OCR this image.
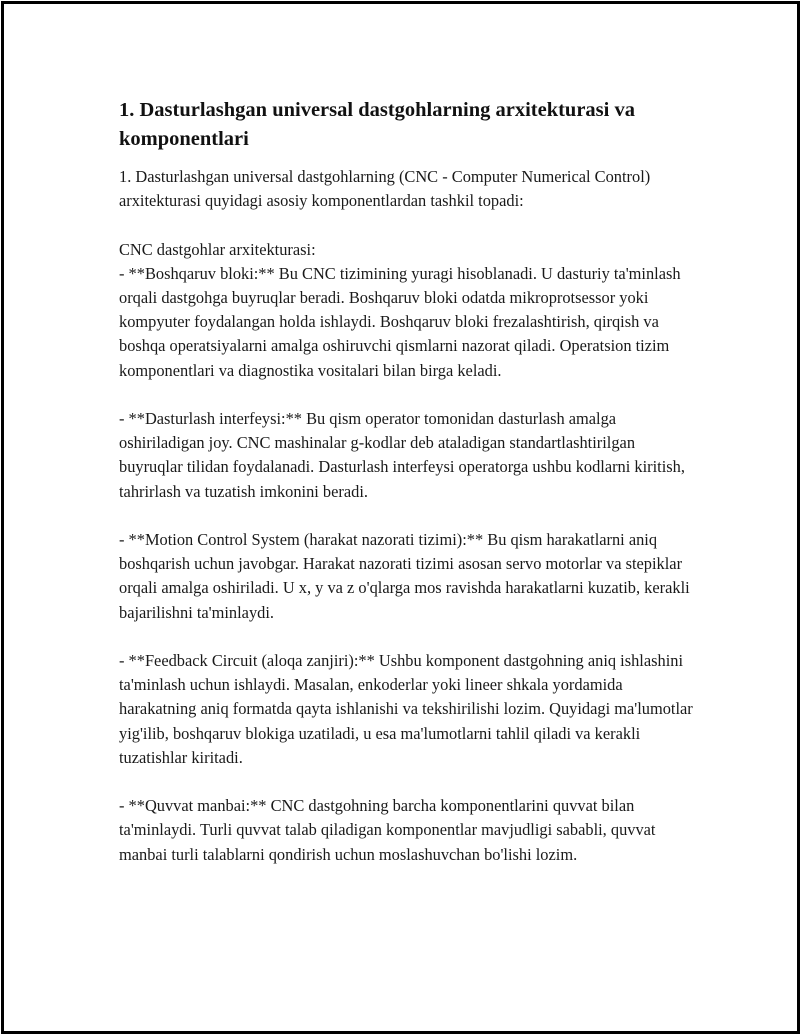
1. Dasturlashgan universal dastgohlarning arxitekturasi va komponentlari

1. Dasturlashgan universal dastgohlarning (CNC - Computer Numerical Control) arxitekturasi quyidagi asosiy komponentlardan tashkil topadi:

CNC dastgohlar arxitekturasi:

- **Boshqaruv bloki:** Bu CNC tizimining yuragi hisoblanadi. U dasturiy ta'minlash orqali dastgohga buyruqlar beradi. Boshqaruv bloki odatda mikroprotsessor yoki kompyuter foydalangan holda ishlaydi. Boshqaruv bloki frezalashtirish, qirqish va boshqa operatsiyalarni amalga oshiruvchi qismlarni nazorat qiladi. Operatsion tizim komponentlari va diagnostika vositalari bilan birga keladi.

- **Dasturlash interfeysi:** Bu qism operator tomonidan dasturlash amalga oshiriladigan joy. CNC mashinalar g-kodlar deb ataladigan standartlashtirilgan buyruqlar tilidan foydalanadi. Dasturlash interfeysi operatorga ushbu kodlarni kiritish, tahrirlash va tuzatish imkonini beradi.

- **Motion Control System (harakat nazorati tizimi):** Bu qism harakatlarni aniq boshqarish uchun javobgar. Harakat nazorati tizimi asosan servo motorlar va stepiklar orqali amalga oshiriladi. U x, y va z o'qlarga mos ravishda harakatlarni kuzatib, kerakli bajarilishni ta'minlaydi.

- **Feedback Circuit (aloqa zanjiri):** Ushbu komponent dastgohning aniq ishlashini ta'minlash uchun ishlaydi. Masalan, enkoderlar yoki lineer shkala yordamida harakatning aniq formatda qayta ishlanishi va tekshirilishi lozim. Quyidagi ma'lumotlar yig'ilib, boshqaruv blokiga uzatiladi, u esa ma'lumotlarni tahlil qiladi va kerakli tuzatishlar kiritadi.

- **Quvvat manbai:** CNC dastgohning barcha komponentlarini quvvat bilan ta'minlaydi. Turli quvvat talab qiladigan komponentlar mavjudligi sababli, quvvat manbai turli talablarni qondirish uchun moslashuvchan bo'lishi lozim.
